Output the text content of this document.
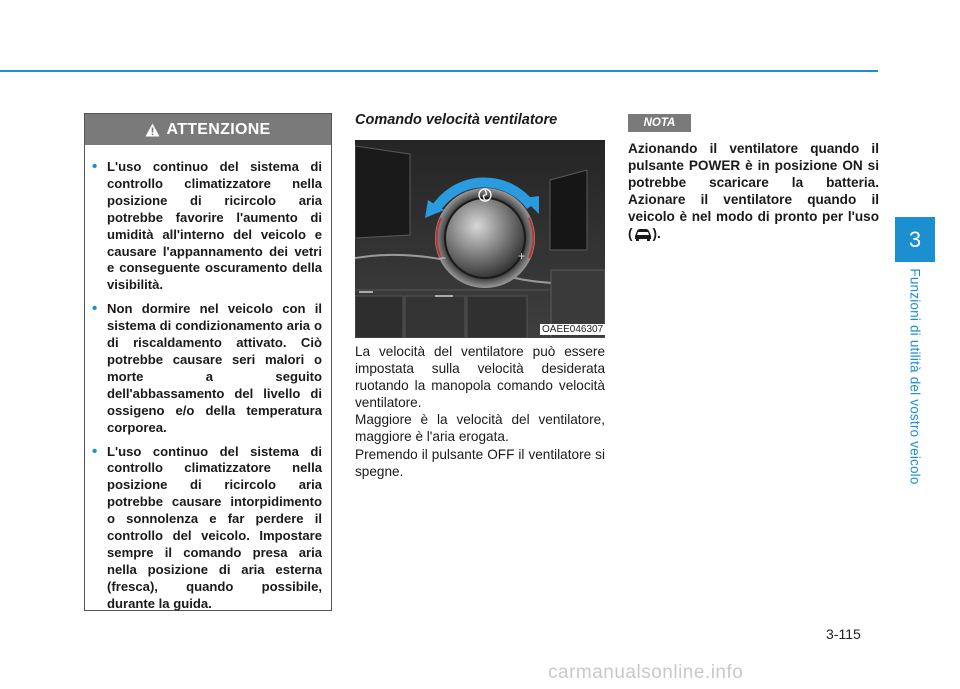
3
Funzioni di utilità del vostro veicolo
ATTENZIONE
• L'uso continuo del sistema di controllo climatizzatore nella posizione di ricircolo aria potrebbe favorire l'aumento di umidità all'interno del veicolo e causare l'appannamento dei vetri e conseguente oscuramento della visibilità.
• Non dormire nel veicolo con il sistema di condizionamento aria o di riscaldamento attivato. Ciò potrebbe causare seri malori o morte a seguito dell'abbassamento del livello di ossigeno e/o della temperatura corporea.
• L'uso continuo del sistema di controllo climatizzatore nella posizione di ricircolo aria potrebbe causare intorpidimento o sonnolenza e far perdere il controllo del veicolo. Impostare sempre il comando presa aria nella posizione di aria esterna (fresca), quando possibile, durante la guida.
Comando velocità ventilatore
−	+
OAEE046307

La velocità del ventilatore può essere impostata sulla velocità desiderata ruotando la manopola comando velocità ventilatore.

Maggiore è la velocità del ventilatore, maggiore è l'aria erogata.

Premendo il pulsante OFF il ventilatore si spegne.

NOTA

Azionando il ventilatore quando il pulsante POWER è in posizione ON si potrebbe scaricare la batteria. Azionare il ventilatore quando il veicolo è nel modo di pronto per l'uso ( ).

3-115
carmanualsonline.info
